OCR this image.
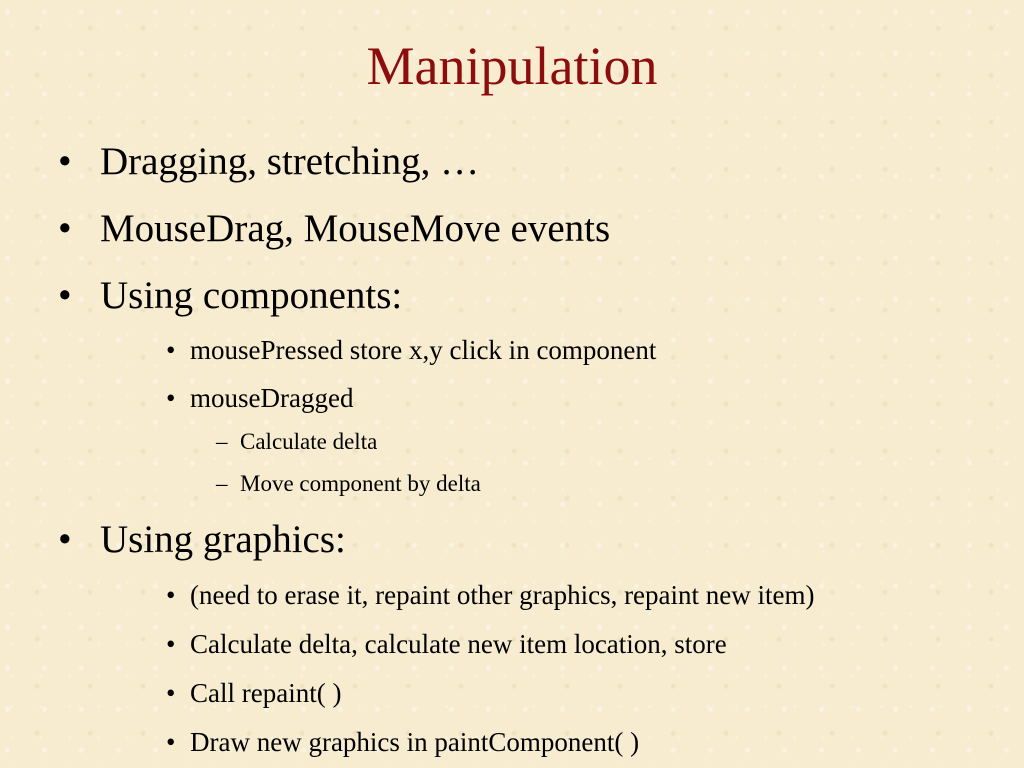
Manipulation
• Dragging, stretching, …
• MouseDrag, MouseMove events
• Using components:
• mousePressed store x,y click in component
• mouseDragged
– Calculate delta
– Move component by delta
• Using graphics:
• (need to erase it, repaint other graphics, repaint new item)
• Calculate delta, calculate new item location, store
• Call repaint( )
• Draw new graphics in paintComponent( )
